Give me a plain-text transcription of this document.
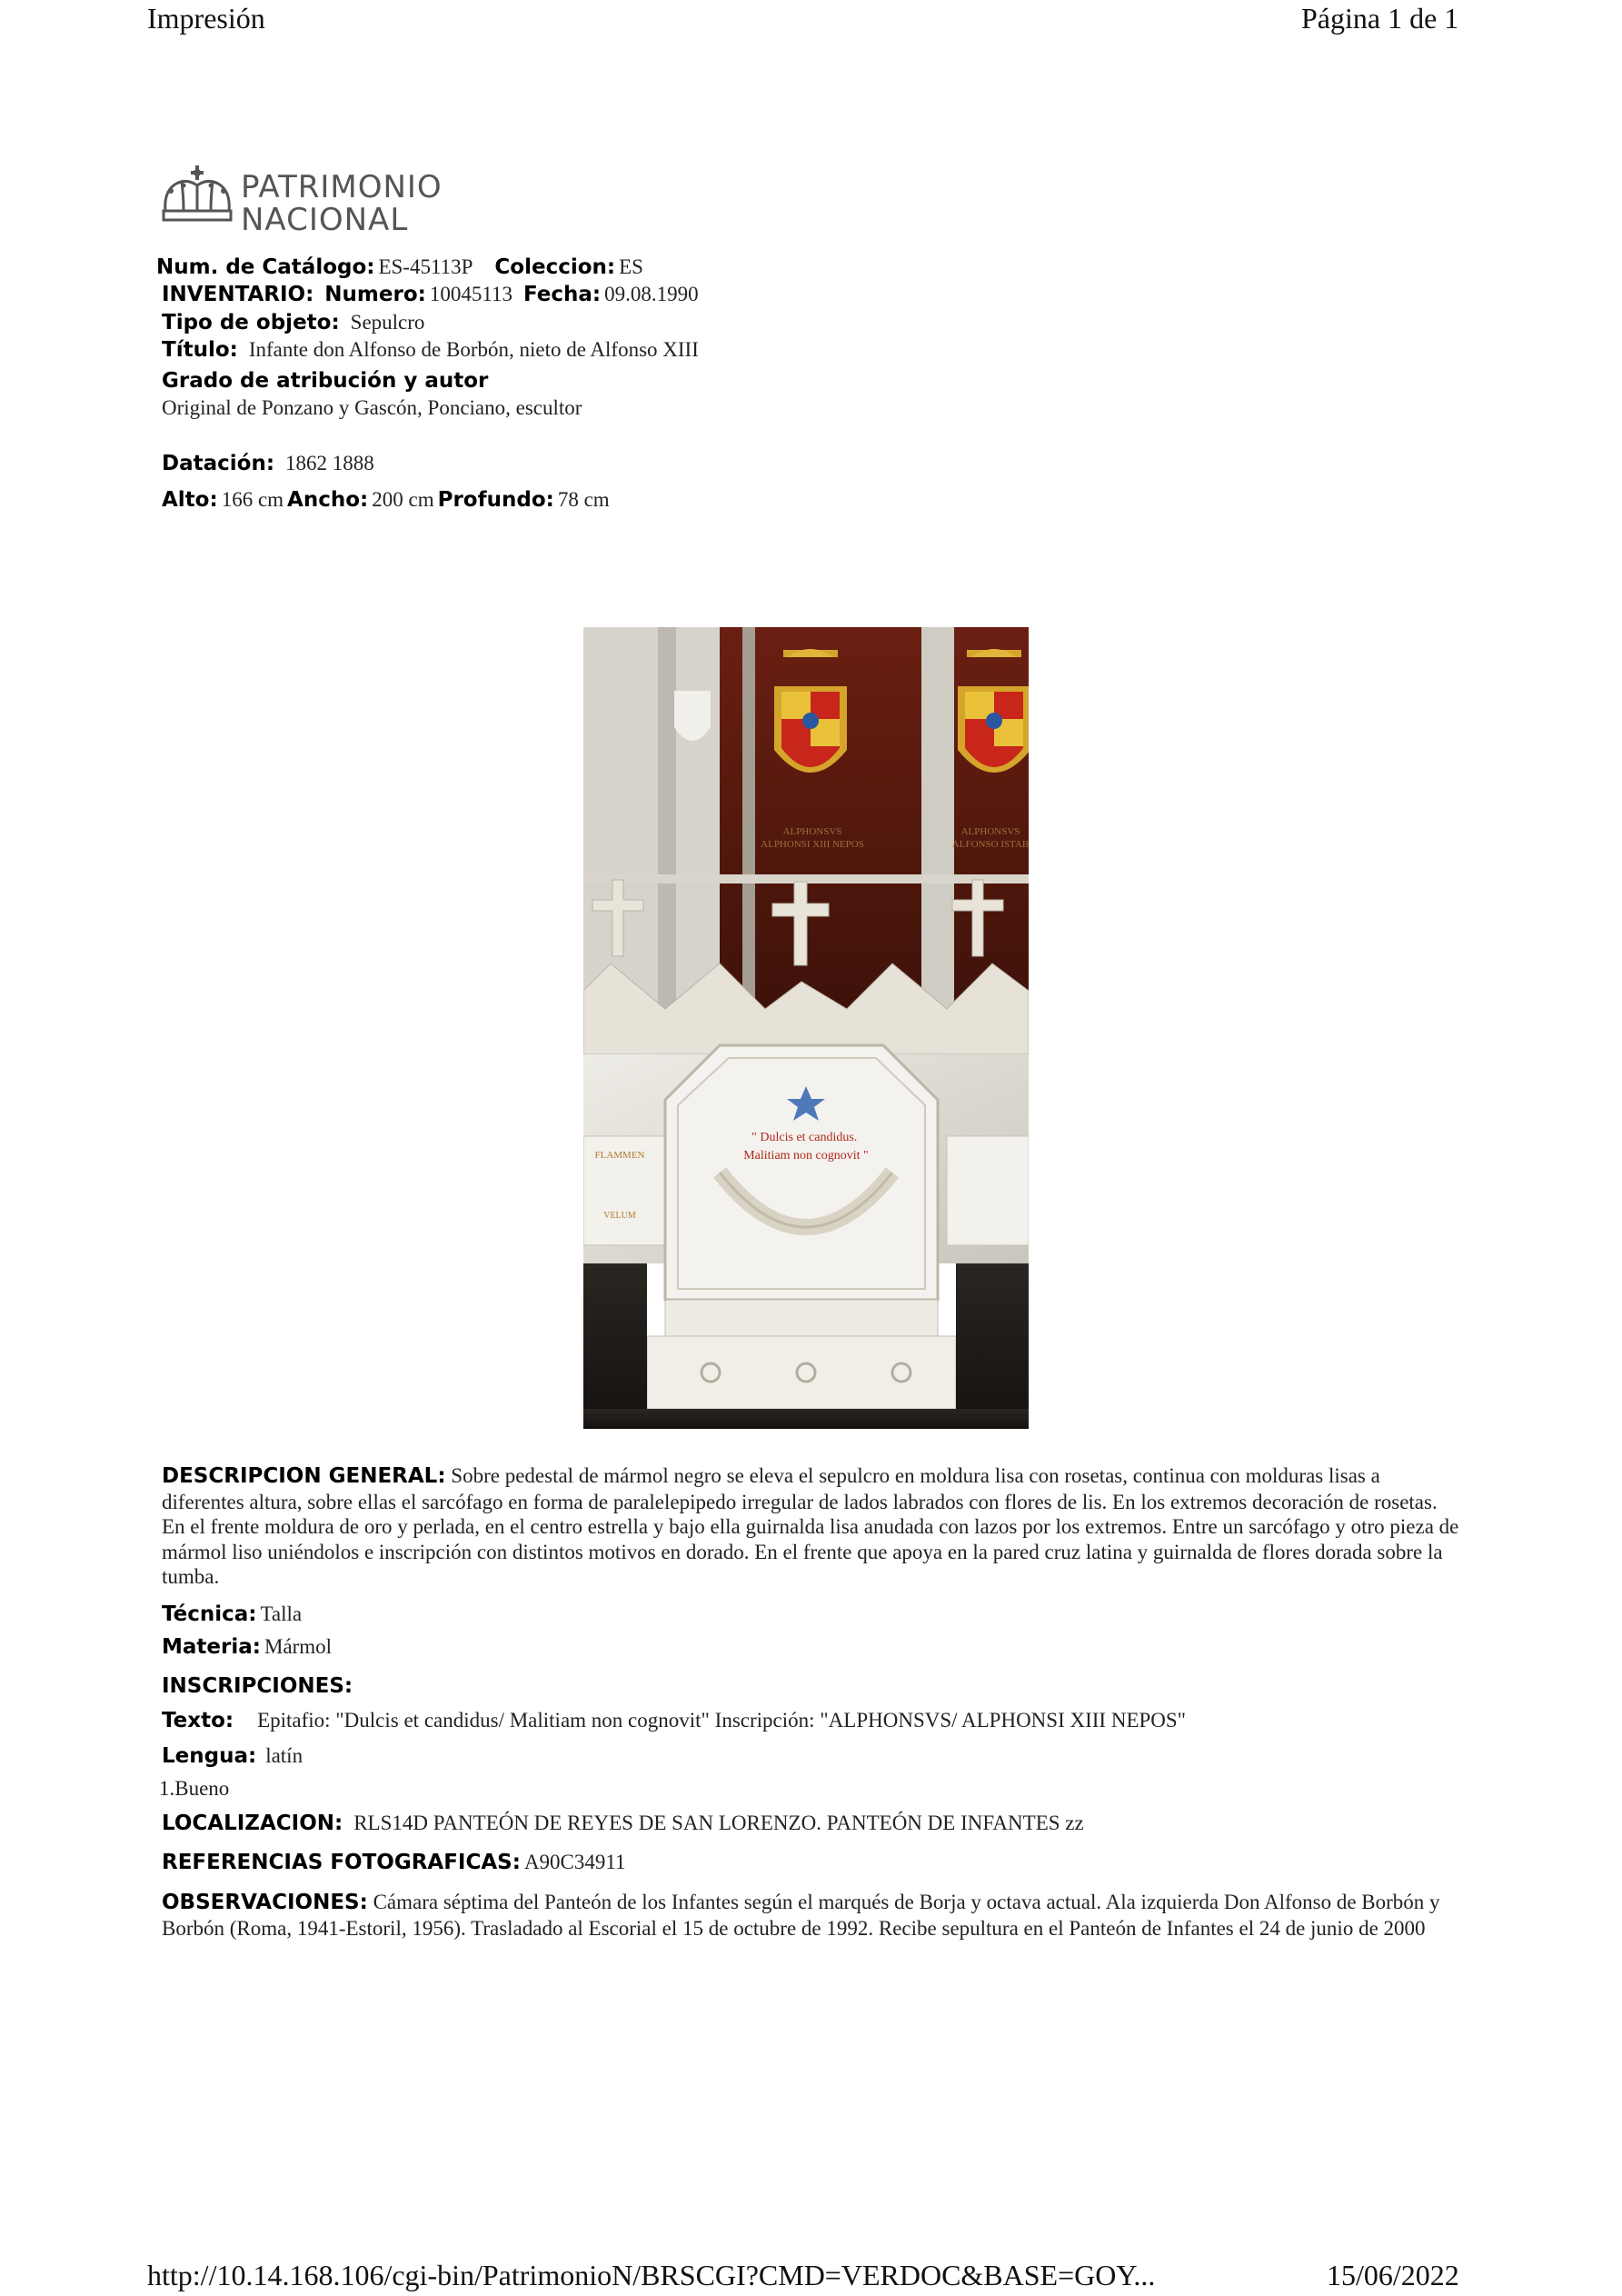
Impresión	Página 1 de 1
PATRIMONIO
NACIONAL
Num. de Catálogo: ES-45113P Coleccion: ES
INVENTARIO: Numero: 10045113 Fecha: 09.08.1990
Tipo de objeto: Sepulcro
Título: Infante don Alfonso de Borbón, nieto de Alfonso XIII
Grado de atribución y autor
Original de Ponzano y Gascón, Ponciano, escultor
Datación: 1862 1888
Alto: 166 cm Ancho: 200 cm Profundo: 78 cm
ALPHONSVS
ALPHONSI XIII NEPOS
ALPHONSVS
ALFONSO ISTAB
FLAMMEN
VELUM
" Dulcis et candidus. Malitiam non cognovit "
DESCRIPCION GENERAL: Sobre pedestal de mármol negro se eleva el sepulcro en moldura lisa con rosetas, continua con molduras lisas a diferentes altura, sobre ellas el sarcófago en forma de paralelepipedo irregular de lados labrados con flores de lis. En los extremos decoración de rosetas. En el frente moldura de oro y perlada, en el centro estrella y bajo ella guirnalda lisa anudada con lazos por los extremos. Entre un sarcófago y otro pieza de mármol liso uniéndolos e inscripción con distintos motivos en dorado. En el frente que apoya en la pared cruz latina y guirnalda de flores dorada sobre la tumba.
Técnica: Talla
Materia: Mármol
INSCRIPCIONES:
Texto: Epitafio: "Dulcis et candidus/ Malitiam non cognovit" Inscripción: "ALPHONSVS/ ALPHONSI XIII NEPOS"
Lengua: latín
1.Bueno
LOCALIZACION: RLS14D PANTEÓN DE REYES DE SAN LORENZO. PANTEÓN DE INFANTES zz
REFERENCIAS FOTOGRAFICAS: A90C34911
OBSERVACIONES: Cámara séptima del Panteón de los Infantes según el marqués de Borja y octava actual. Ala izquierda Don Alfonso de Borbón y Borbón (Roma, 1941-Estoril, 1956). Trasladado al Escorial el 15 de octubre de 1992. Recibe sepultura en el Panteón de Infantes el 24 de junio de 2000
http://10.14.168.106/cgi-bin/PatrimonioN/BRSCGI?CMD=VERDOC&BASE=GOY...	15/06/2022
